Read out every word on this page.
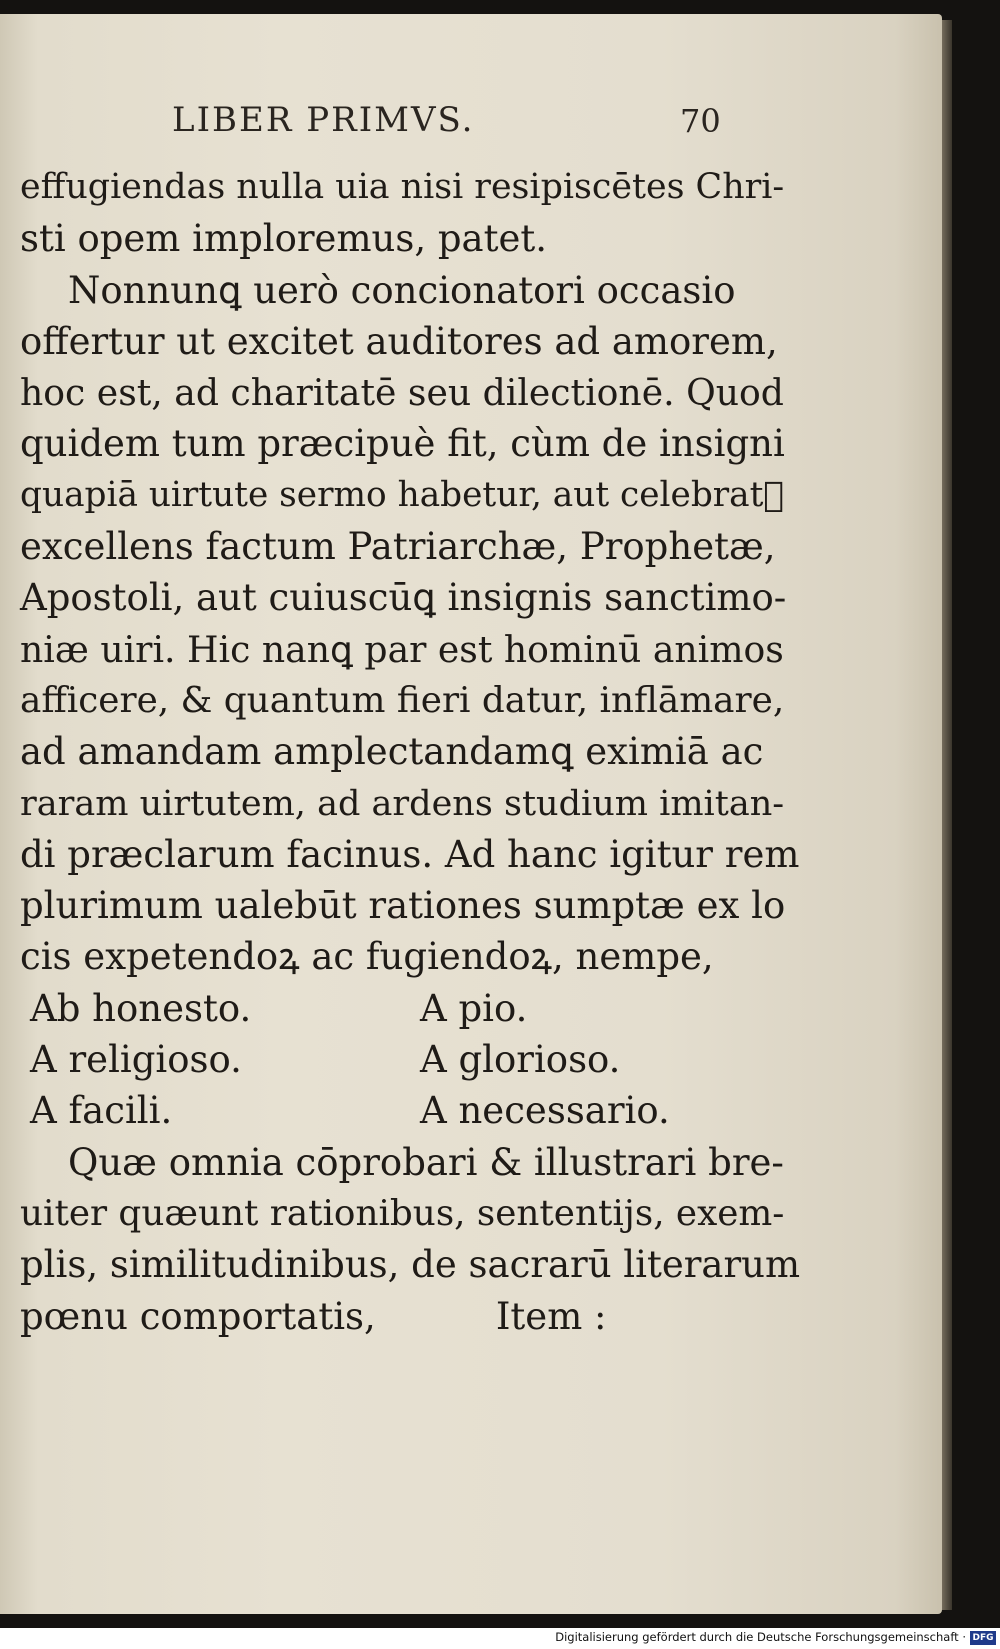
LIBER PRIMVS.	70
effugiendas nulla uia nisi resipiscētes Chri-
sti opem imploremus, patet.
Nonnunꝗ uerò concionatori occasio
offertur ut excitet auditores ad amorem,
hoc est, ad charitatē seu dilectionē. Quod
quidem tum præcipuè fit, cùm de insigni
quapiā uirtute sermo habetur, aut celebratᷓ
excellens factum Patriarchæ, Prophetæ,
Apostoli, aut cuiuscūꝗ insignis sanctimo-
niæ uiri. Hic nanꝗ par est hominū animos
afficere, & quantum fieri datur, inflāmare,
ad amandam amplectandamꝗ eximiā ac
raram uirtutem, ad ardens studium imitan-
di præclarum facinus. Ad hanc igitur rem
plurimum ualebūt rationes sumptæ ex lo
cis expetendoꝝ ac fugiendoꝝ, nempe,
Ab honesto.	A pio.
A religioso.	A glorioso.
A facili.	A necessario.
Quæ omnia cōprobari & illustrari bre-
uiter quæunt rationibus, sententijs, exem-
plis, similitudinibus, de sacrarū literarum
pœnu comportatis,	Item :
Digitalisierung gefördert durch die Deutsche Forschungsgemeinschaft · DFG
